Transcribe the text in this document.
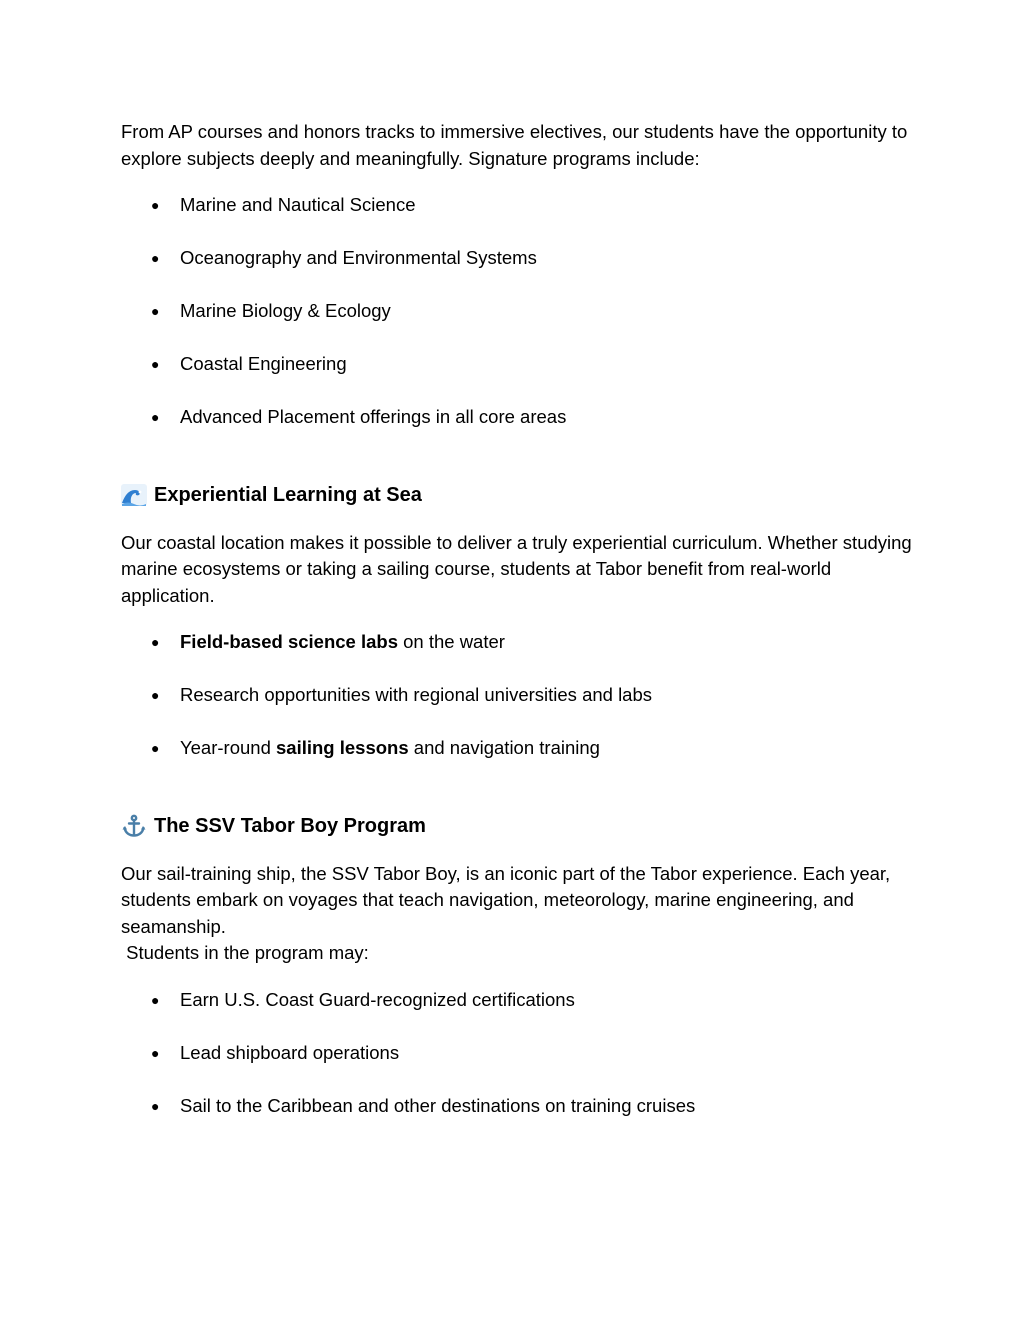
From AP courses and honors tracks to immersive electives, our students have the opportunity to explore subjects deeply and meaningfully. Signature programs include:

● Marine and Nautical Science
● Oceanography and Environmental Systems
● Marine Biology & Ecology
● Coastal Engineering
● Advanced Placement offerings in all core areas
Experiential Learning at Sea

Our coastal location makes it possible to deliver a truly experiential curriculum. Whether studying marine ecosystems or taking a sailing course, students at Tabor benefit from real-world application.

● Field-based science labs on the water
● Research opportunities with regional universities and labs
● Year-round sailing lessons and navigation training
The SSV Tabor Boy Program

Our sail-training ship, the SSV Tabor Boy, is an iconic part of the Tabor experience. Each year, students embark on voyages that teach navigation, meteorology, marine engineering, and seamanship.

Students in the program may:

● Earn U.S. Coast Guard-recognized certifications
● Lead shipboard operations
● Sail to the Caribbean and other destinations on training cruises
